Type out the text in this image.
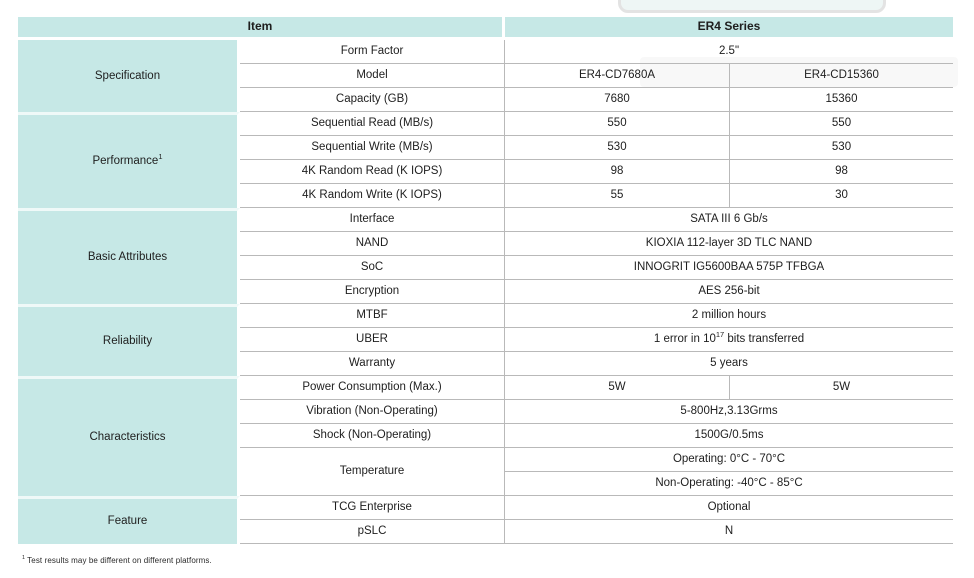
Item		ER4 Series	
Specification	Form Factor	2.5"	
	Model	ER4-CD7680A	ER4-CD15360
	Capacity (GB)	7680	15360
Performance$^1$	Sequential Read (MB/s)	550	550
	Sequential Write (MB/s)	530	530
	4K Random Read (K IOPS)	98	98
	4K Random Write (K IOPS)	55	30
Basic Attributes	Interface	SATA III 6 Gb/s	
	NAND	KIOXIA 112-layer 3D TLC NAND	
	SoC	INNOGRIT IG5600BAA 575P TFBGA	
	Encryption	AES 256-bit	
Reliability	MTBF	2 million hours	
	UBER	1 error in $10^{17}$ bits transferred	
	Warranty	5 years	
Characteristics	Power Consumption (Max.)	5W	5W
	Vibration (Non-Operating)	5-800Hz,3.13Grms	
	Shock (Non-Operating)	1500G/0.5ms	
	Temperature	Operating: 0°C - 70°C	
		Non-Operating: -40°C - 85°C	
Feature	TCG Enterprise	Optional	
	pSLC	N	
$^1$ Test results may be different on different platforms.
